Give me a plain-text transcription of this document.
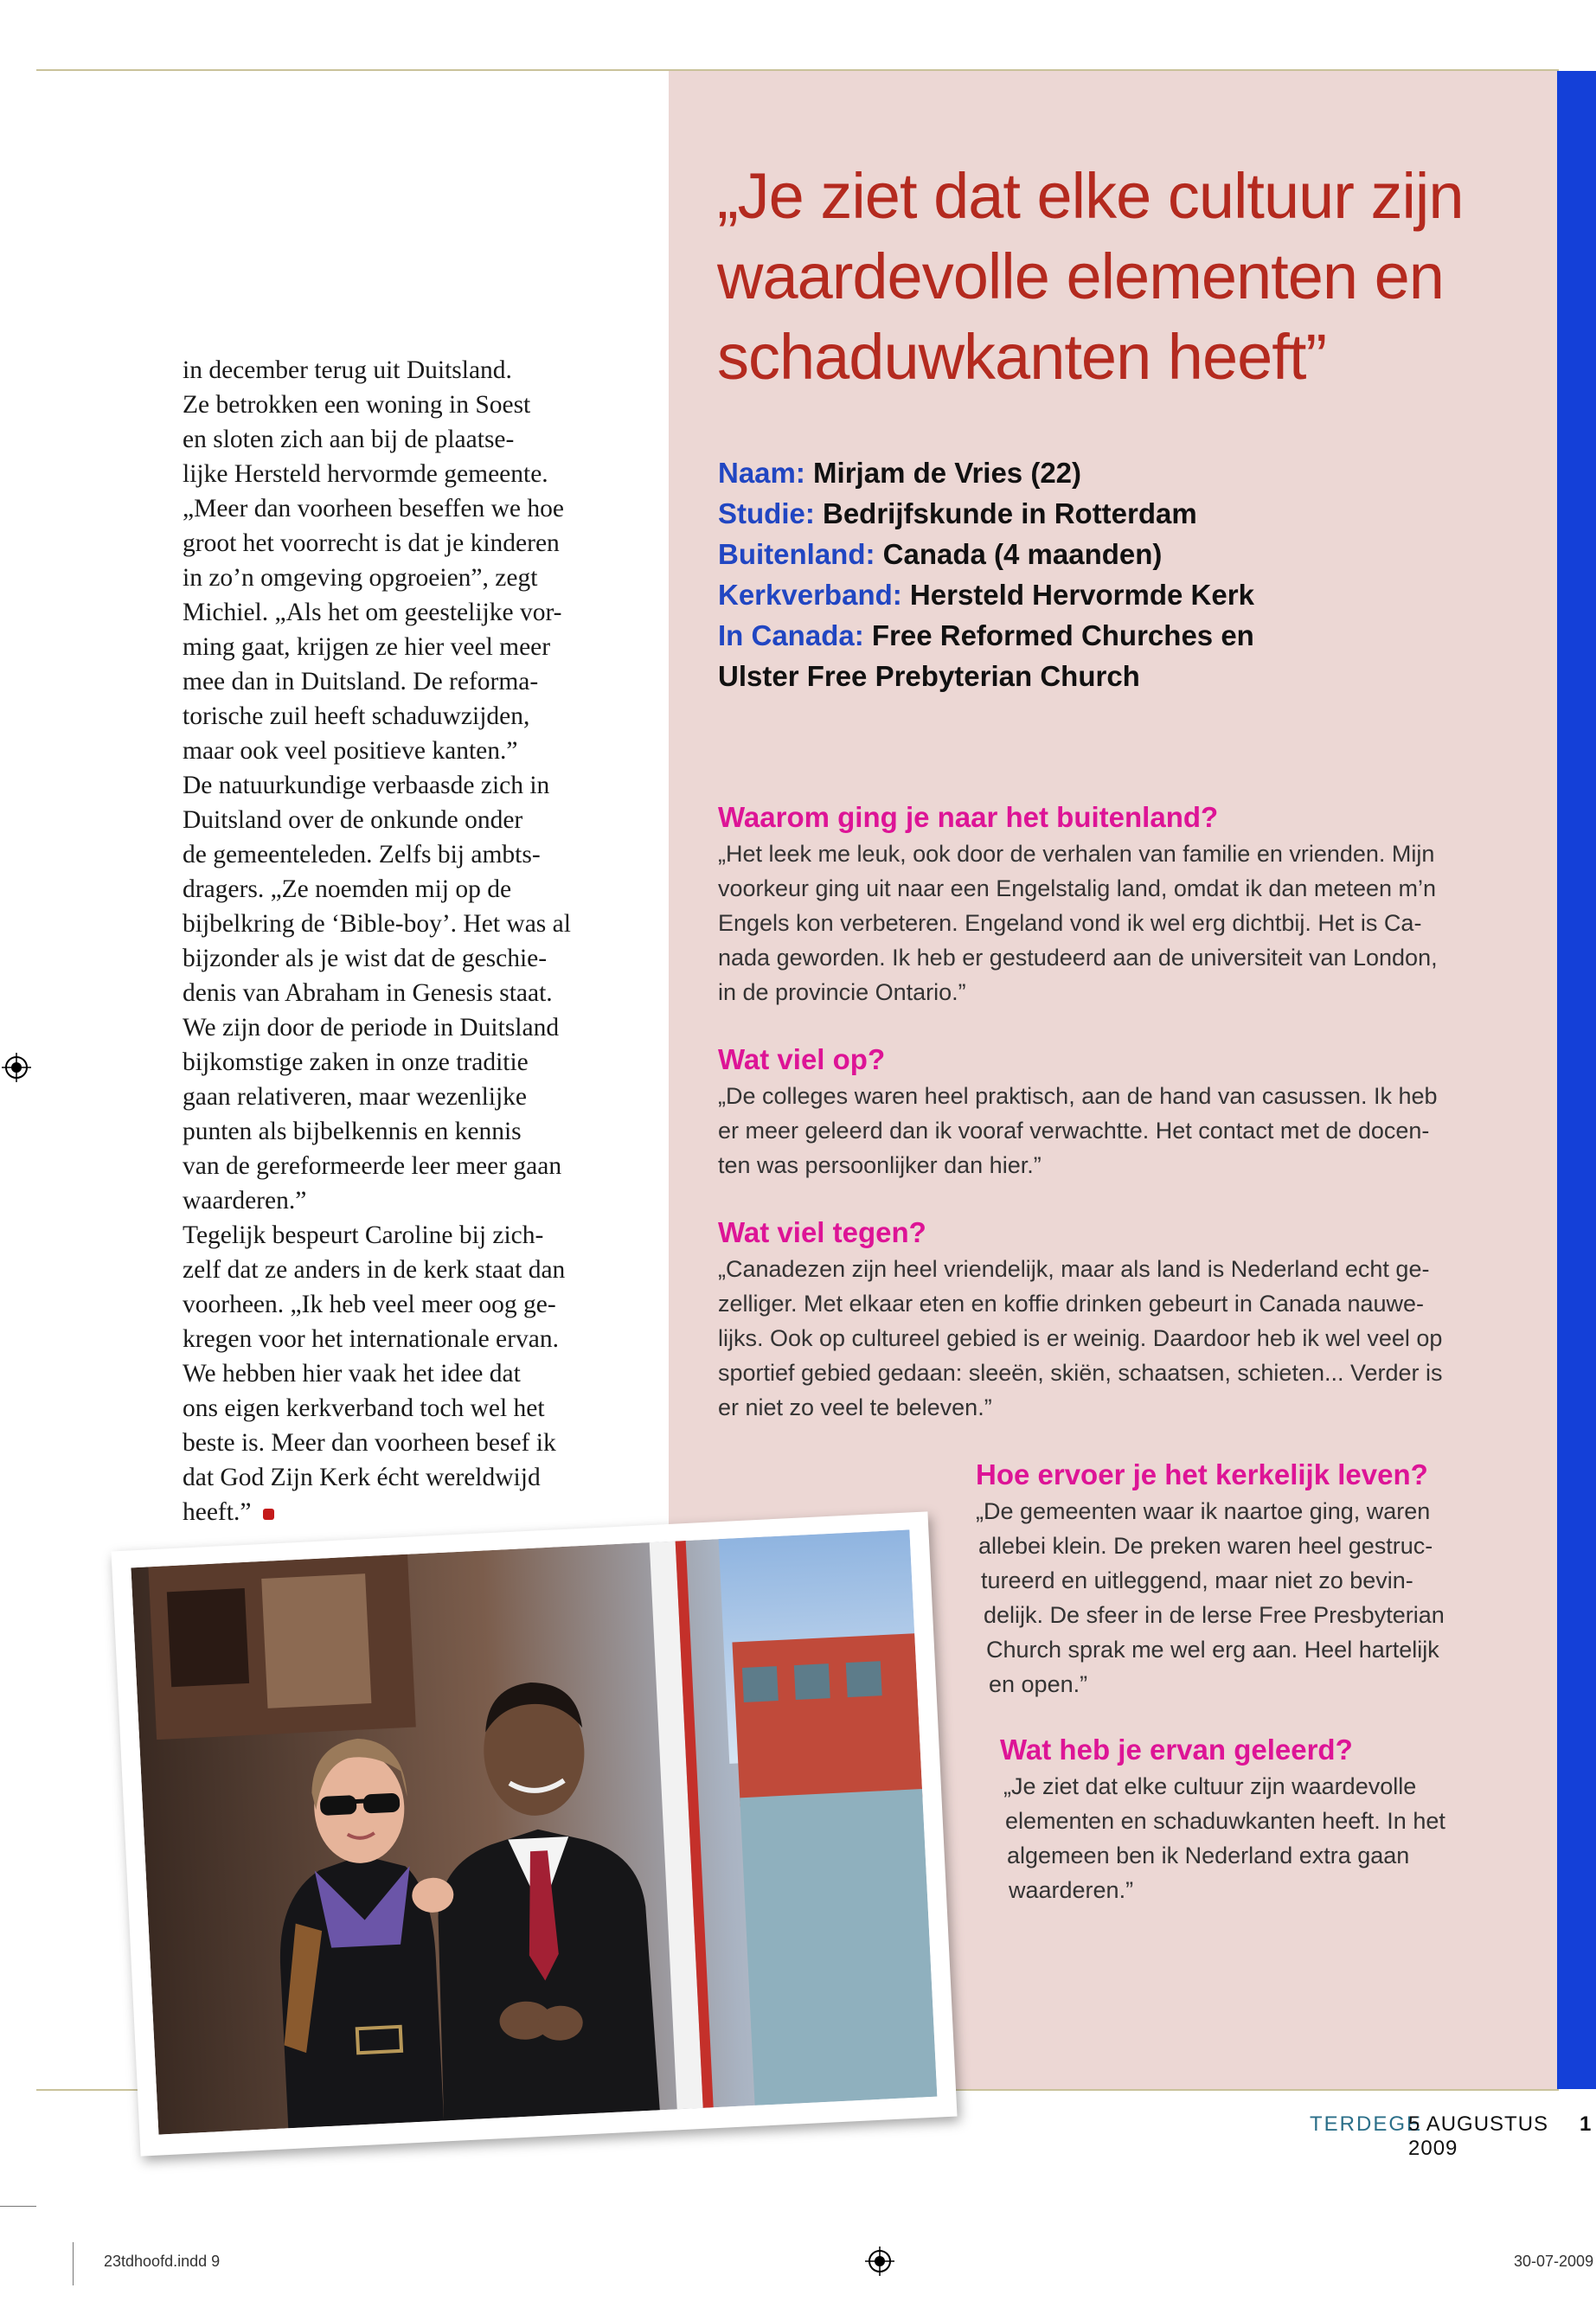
in december terug uit Duitsland.

Ze betrokken een woning in Soest

en sloten zich aan bij de plaatse-

lijke Hersteld hervormde gemeente.

„Meer dan voorheen beseffen we hoe

groot het voorrecht is dat je kinderen

in zo’n omgeving opgroeien”, zegt

Michiel. „Als het om geestelijke vor-

ming gaat, krijgen ze hier veel meer

mee dan in Duitsland. De reforma-

torische zuil heeft schaduwzijden,

maar ook veel positieve kanten.”

De natuurkundige verbaasde zich in

Duitsland over de onkunde onder

de gemeenteleden. Zelfs bij ambts-

dragers. „Ze noemden mij op de

bijbelkring de ‘Bible-boy’. Het was al

bijzonder als je wist dat de geschie-

denis van Abraham in Genesis staat.

We zijn door de periode in Duitsland

bijkomstige zaken in onze traditie

gaan relativeren, maar wezenlijke

punten als bijbelkennis en kennis

van de gereformeerde leer meer gaan

waarderen.”

Tegelijk bespeurt Caroline bij zich-

zelf dat ze anders in de kerk staat dan

voorheen. „Ik heb veel meer oog ge-

kregen voor het internationale ervan.

We hebben hier vaak het idee dat

ons eigen kerkverband toch wel het

beste is. Meer dan voorheen besef ik

dat God Zijn Kerk écht wereldwijd

heeft.”

„Je ziet dat elke cultuur zijn
waardevolle elementen en
schaduwkanten heeft”
Naam: Mirjam de Vries (22)
Studie: Bedrijfskunde in Rotterdam
Buitenland: Canada (4 maanden)
Kerkverband: Hersteld Hervormde Kerk
In Canada: Free Reformed Churches en
Ulster Free Prebyterian Church
Waarom ging je naar het buitenland?

„Het leek me leuk, ook door de verhalen van familie en vrienden. Mijn

voorkeur ging uit naar een Engelstalig land, omdat ik dan meteen m’n

Engels kon verbeteren. Engeland vond ik wel erg dichtbij. Het is Ca-

nada geworden. Ik heb er gestudeerd aan de universiteit van London,

in de provincie Ontario.”

Wat viel op?

„De colleges waren heel praktisch, aan de hand van casussen. Ik heb

er meer geleerd dan ik vooraf verwachtte. Het contact met de docen-

ten was persoonlijker dan hier.”

Wat viel tegen?

„Canadezen zijn heel vriendelijk, maar als land is Nederland echt ge-

zelliger. Met elkaar eten en koffie drinken gebeurt in Canada nauwe-

lijks. Ook op cultureel gebied is er weinig. Daardoor heb ik wel veel op

sportief gebied gedaan: sleeën, skiën, schaatsen, schieten... Verder is

er niet zo veel te beleven.”

Hoe ervoer je het kerkelijk leven?

„De gemeenten waar ik naartoe ging, waren

allebei klein. De preken waren heel gestruc-

tureerd en uitleggend, maar niet zo bevin-

delijk. De sfeer in de lerse Free Presbyterian

Church sprak me wel erg aan. Heel hartelijk

en open.”

Wat heb je ervan geleerd?

„Je ziet dat elke cultuur zijn waardevolle

elementen en schaduwkanten heeft. In het

algemeen ben ik Nederland extra gaan

waarderen.”

TERDEGE
5 AUGUSTUS 2009
1
23tdhoofd.indd 9	30-07-2009
